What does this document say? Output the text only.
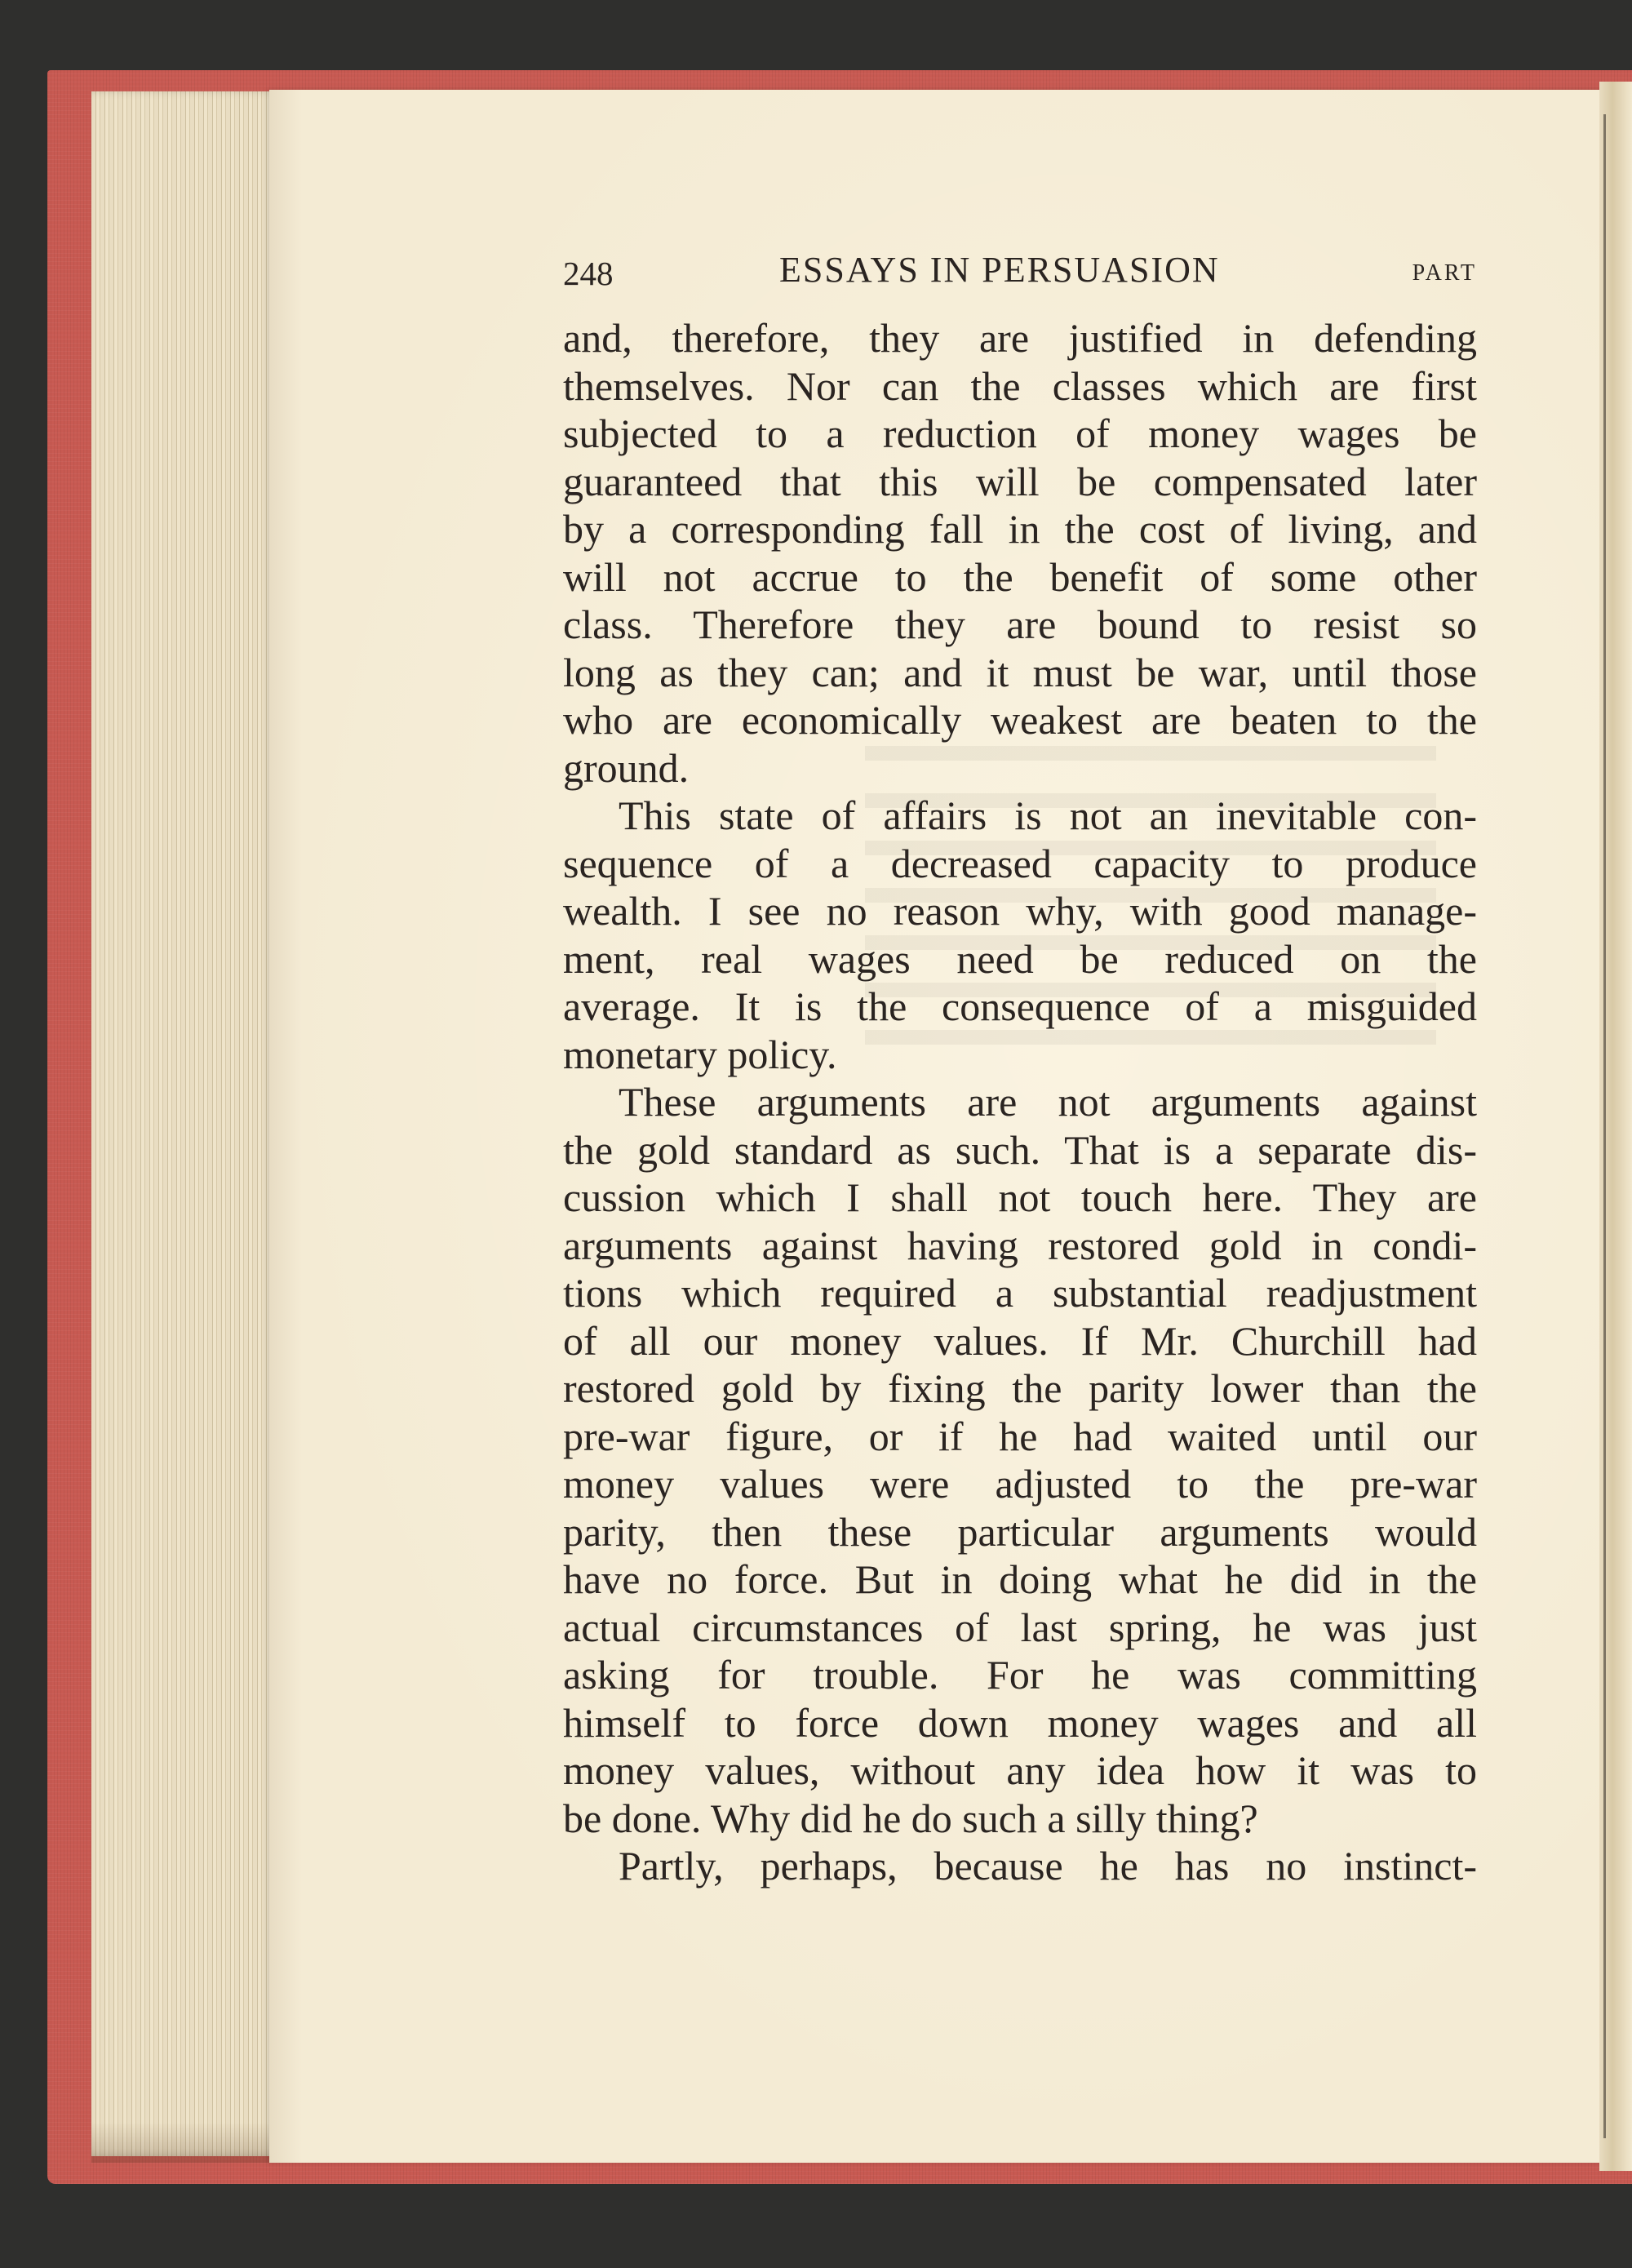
248	ESSAYS IN PERSUASION	PART
and, therefore, they are justified in defending
themselves. Nor can the classes which are first
subjected to a reduction of money wages be
guaranteed that this will be compensated later
by a corresponding fall in the cost of living, and
will not accrue to the benefit of some other
class. Therefore they are bound to resist so
long as they can; and it must be war, until those
who are economically weakest are beaten to the
ground.
This state of affairs is not an inevitable con-
sequence of a decreased capacity to produce
wealth. I see no reason why, with good manage-
ment, real wages need be reduced on the
average. It is the consequence of a misguided
monetary policy.
These arguments are not arguments against
the gold standard as such. That is a separate dis-
cussion which I shall not touch here. They are
arguments against having restored gold in condi-
tions which required a substantial readjustment
of all our money values. If Mr. Churchill had
restored gold by fixing the parity lower than the
pre-war figure, or if he had waited until our
money values were adjusted to the pre-war
parity, then these particular arguments would
have no force. But in doing what he did in the
actual circumstances of last spring, he was just
asking for trouble. For he was committing
himself to force down money wages and all
money values, without any idea how it was to
be done. Why did he do such a silly thing?
Partly, perhaps, because he has no instinct-
